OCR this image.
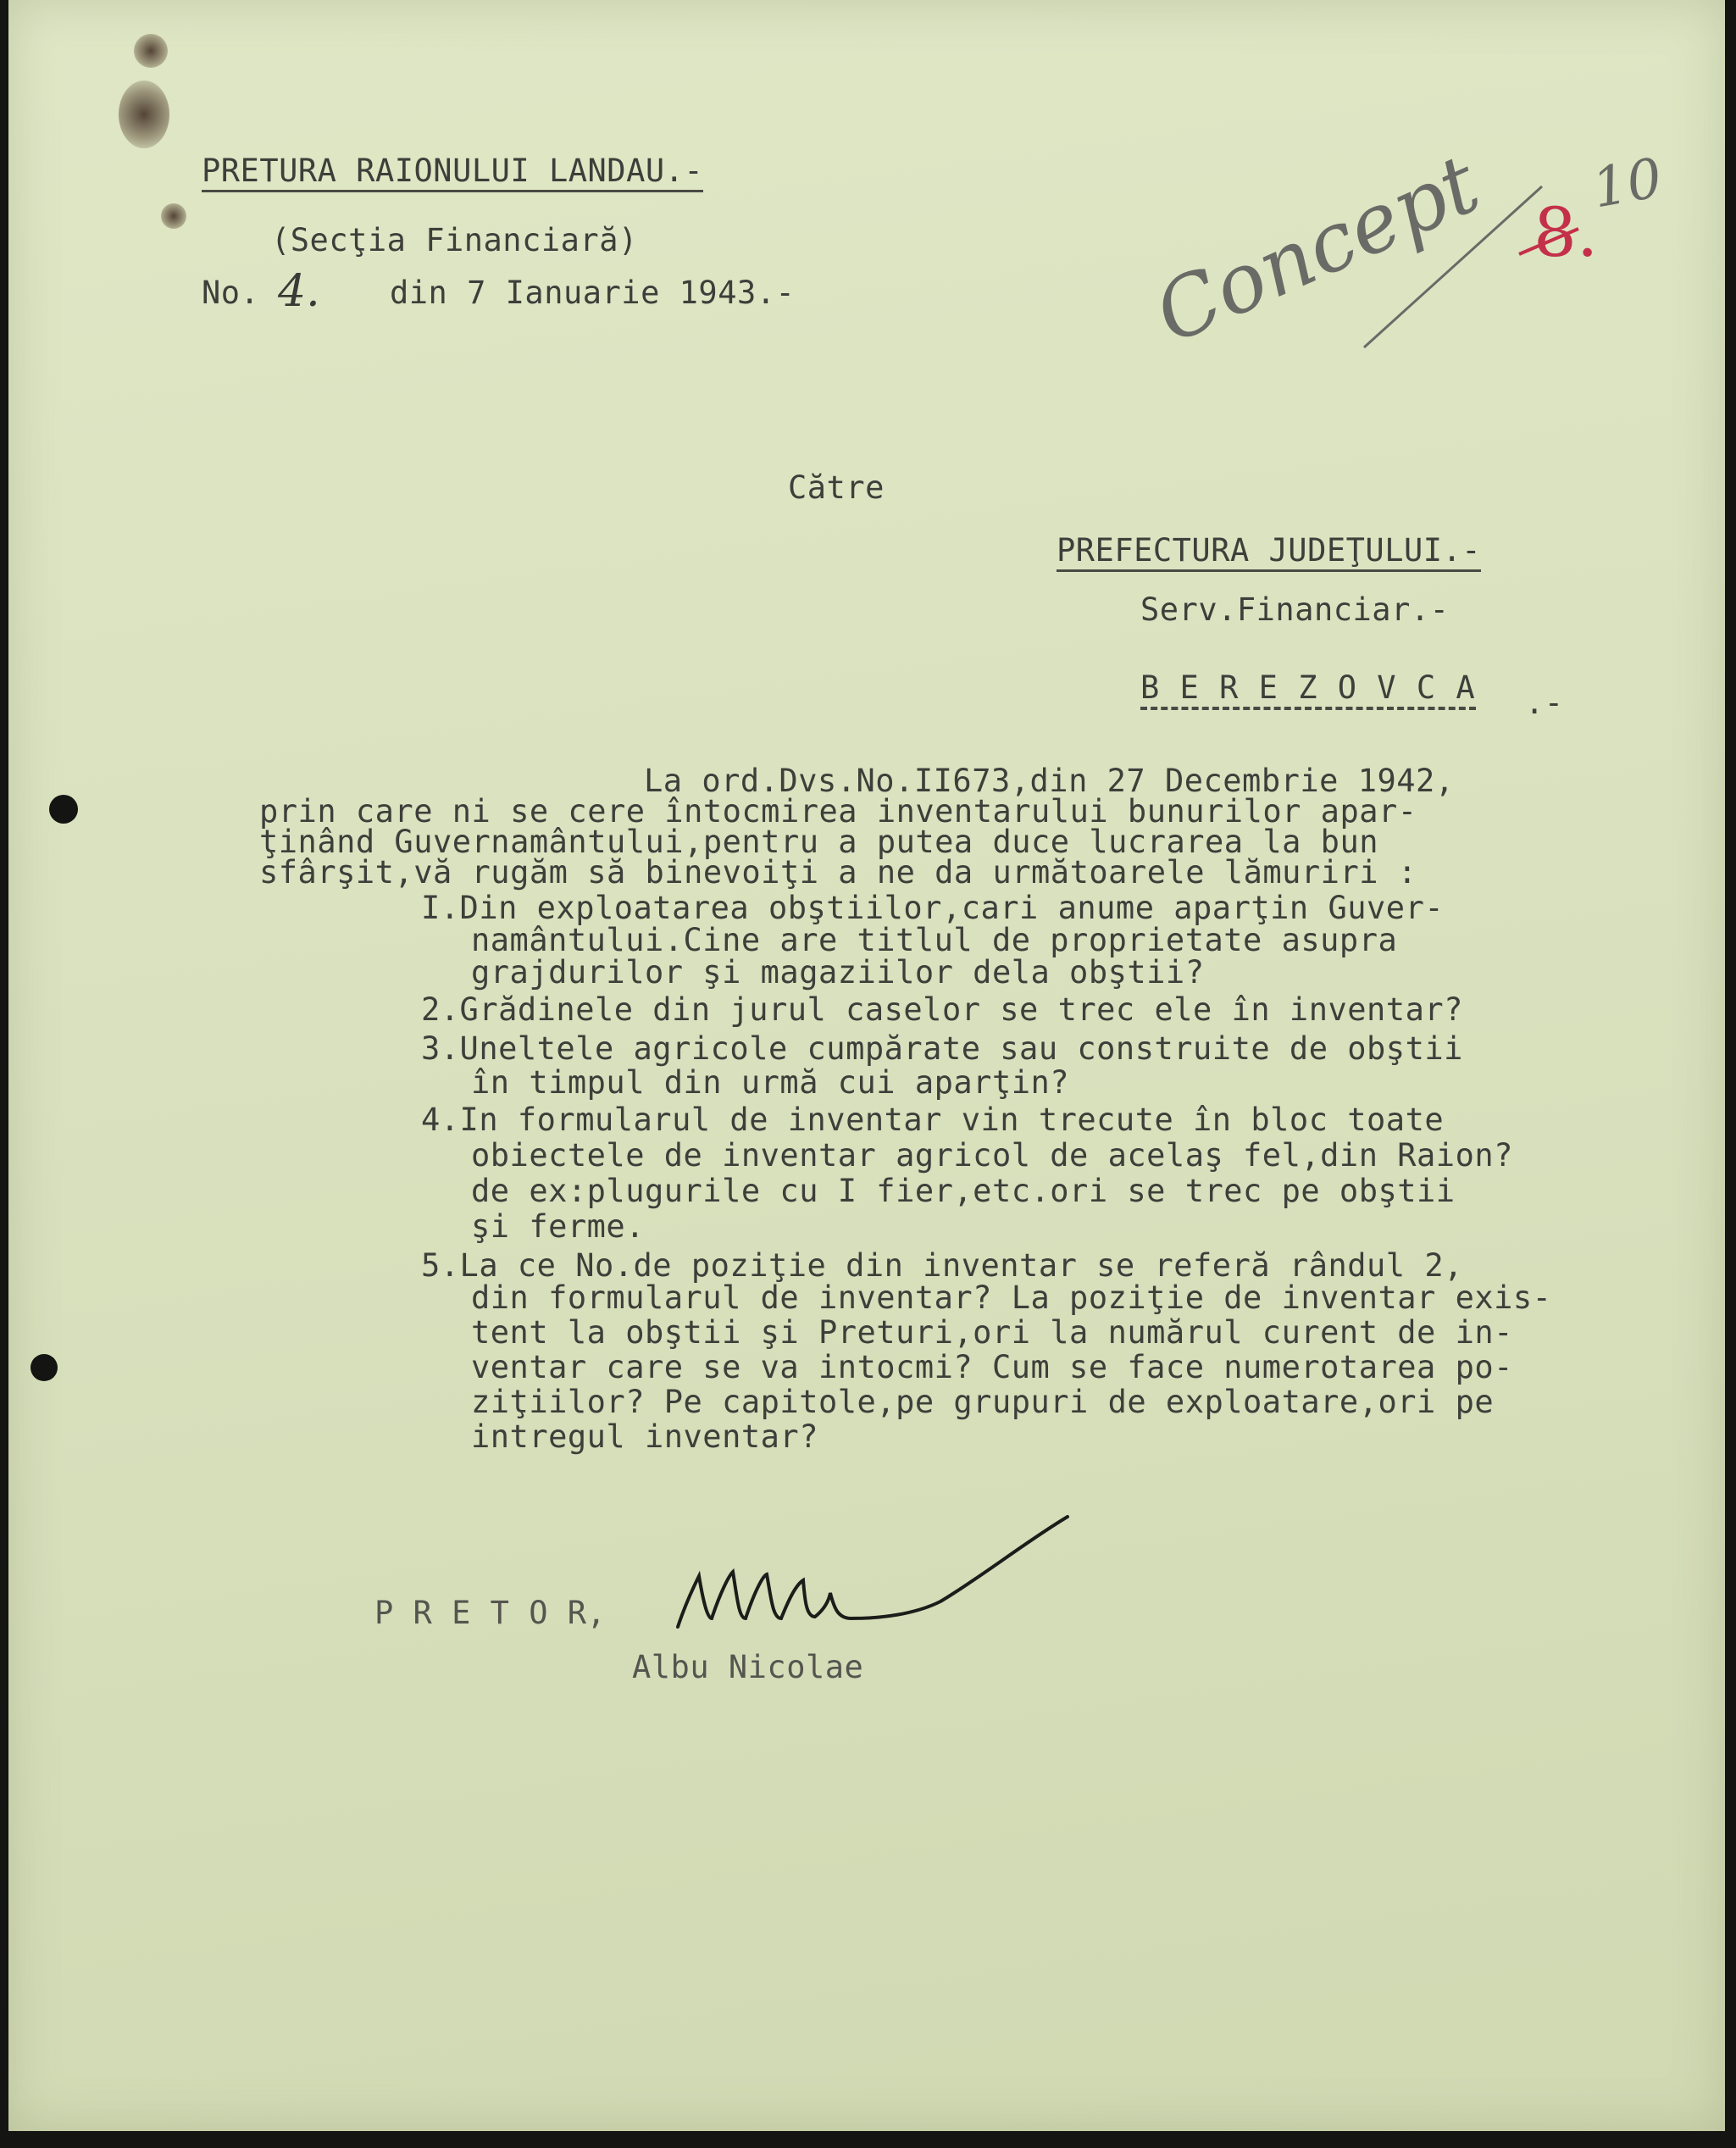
PRETURA RAIONULUI LANDAU.-
(Secţia Financiară)
No. 4. din 7 Ianuarie 1943.-	Concept 8.
10
Către
PREFECTURA JUDEŢULUI.-
Serv.Financiar.-
B E R E Z O V C A .-
La ord.Dvs.No.II673,din 27 Decembrie 1942,
prin care ni se cere întocmirea inventarului bunurilor apar-
ţinând Guvernamântului,pentru a putea duce lucrarea la bun
sfârşit,vă rugăm să binevoiţi a ne da următoarele lămuriri :
I.Din exploatarea obştiilor,cari anume aparţin Guver-
namântului.Cine are titlul de proprietate asupra
grajdurilor şi magaziilor dela obştii?
2.Grădinele din jurul caselor se trec ele în inventar?
3.Uneltele agricole cumpărate sau construite de obştii
în timpul din urmă cui aparţin?
4.In formularul de inventar vin trecute în bloc toate
obiectele de inventar agricol de acelaş fel,din Raion?
de ex:plugurile cu I fier,etc.ori se trec pe obştii
şi ferme.
5.La ce No.de poziţie din inventar se referă rândul 2,
din formularul de inventar? La poziţie de inventar exis-
tent la obştii şi Preturi,ori la numărul curent de in-
ventar care se va intocmi? Cum se face numerotarea po-
ziţiilor? Pe capitole,pe grupuri de exploatare,ori pe
intregul inventar?
P R E T O R,
Albu Nicolae
